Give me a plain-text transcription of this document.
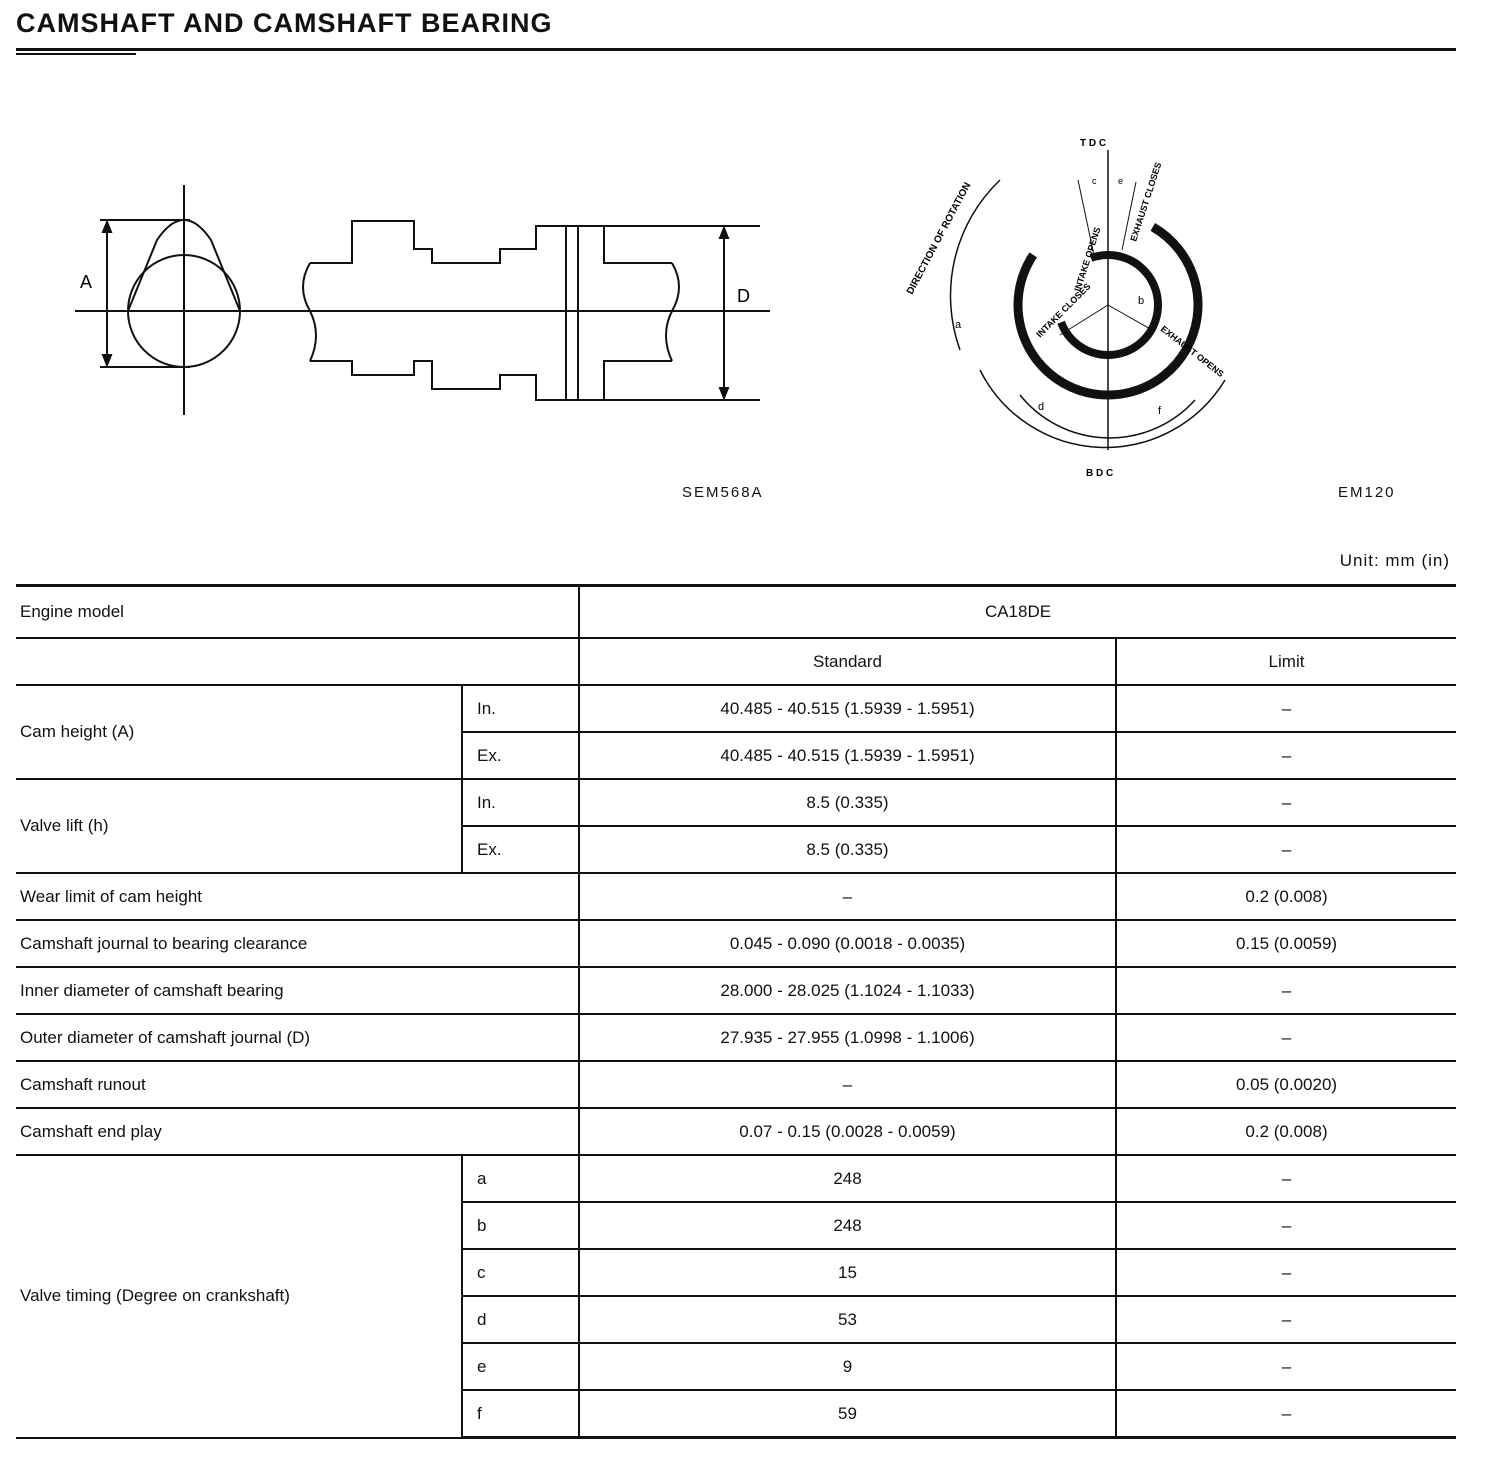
CAMSHAFT AND CAMSHAFT BEARING
A
D
SEM568A
T D C
B D C
DIRECTION OF ROTATION	EXHAUST CLOSES
INTAKE OPENS
INTAKE CLOSES
EXHAUST OPENS
a
b
c
d
e
f
EM120
Unit: mm (in)
Engine model		CA18DE	
		Standard	Limit
Cam height (A)	In.	40.485 - 40.515 (1.5939 - 1.5951)	–
	Ex.	40.485 - 40.515 (1.5939 - 1.5951)	–
Valve lift (h)	In.	8.5 (0.335)	–
	Ex.	8.5 (0.335)	–
Wear limit of cam height		–	0.2 (0.008)
Camshaft journal to bearing clearance		0.045 - 0.090 (0.0018 - 0.0035)	0.15 (0.0059)
Inner diameter of camshaft bearing		28.000 - 28.025 (1.1024 - 1.1033)	–
Outer diameter of camshaft journal (D)		27.935 - 27.955 (1.0998 - 1.1006)	–
Camshaft runout		–	0.05 (0.0020)
Camshaft end play		0.07 - 0.15 (0.0028 - 0.0059)	0.2 (0.008)
Valve timing (Degree on crankshaft)	a	248	–
	b	248	–
	c	15	–
	d	53	–
	e	9	–
	f	59	–
